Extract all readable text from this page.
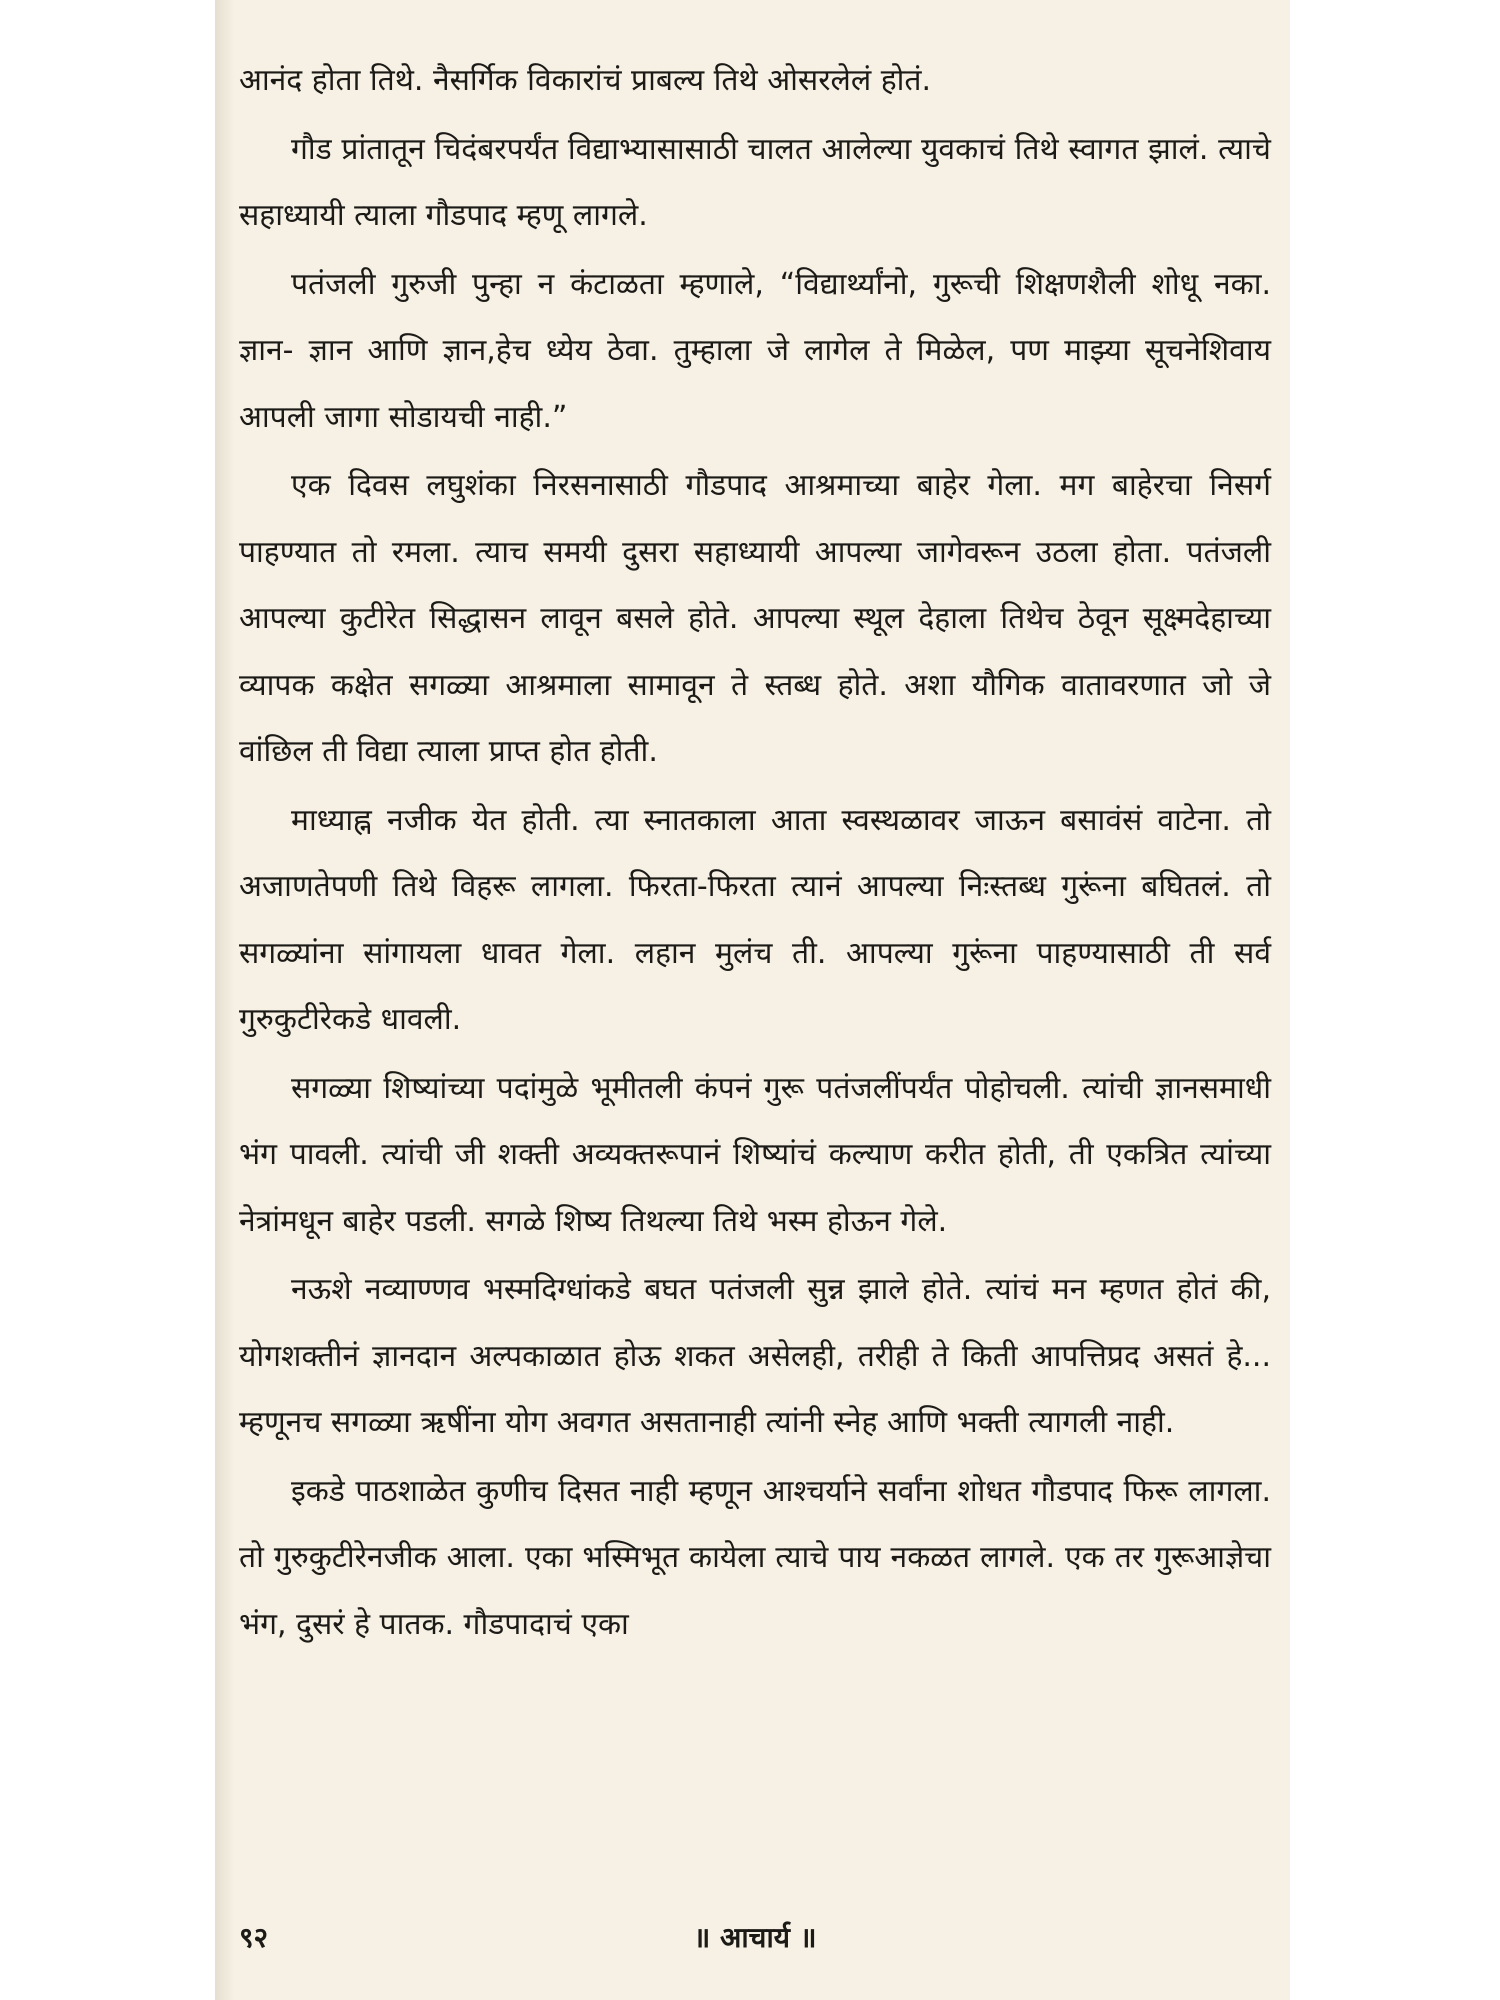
आनंद होता तिथे. नैसर्गिक विकारांचं प्राबल्य तिथे ओसरलेलं होतं.

गौड प्रांतातून चिदंबरपर्यंत विद्याभ्यासासाठी चालत आलेल्या युवकाचं तिथे स्वागत झालं. त्याचे सहाध्यायी त्याला गौडपाद म्हणू लागले.

पतंजली गुरुजी पुन्हा न कंटाळता म्हणाले, “विद्यार्थ्यांनो, गुरूची शिक्षणशैली शोधू नका. ज्ञान- ज्ञान आणि ज्ञान,हेच ध्येय ठेवा. तुम्हाला जे लागेल ते मिळेल, पण माझ्या सूचनेशिवाय आपली जागा सोडायची नाही.”

एक दिवस लघुशंका निरसनासाठी गौडपाद आश्रमाच्या बाहेर गेला. मग बाहेरचा निसर्ग पाहण्यात तो रमला. त्याच समयी दुसरा सहाध्यायी आपल्या जागेवरून उठला होता. पतंजली आपल्या कुटीरेत सिद्धासन लावून बसले होते. आपल्या स्थूल देहाला तिथेच ठेवून सूक्ष्मदेहाच्या व्यापक कक्षेत सगळ्या आश्रमाला सामावून ते स्तब्ध होते. अशा यौगिक वातावरणात जो जे वांछिल ती विद्या त्याला प्राप्त होत होती.

माध्याह्न नजीक येत होती. त्या स्नातकाला आता स्वस्थळावर जाऊन बसावंसं वाटेना. तो अजाणतेपणी तिथे विहरू लागला. फिरता-फिरता त्यानं आपल्या निःस्तब्ध गुरूंना बघितलं. तो सगळ्यांना सांगायला धावत गेला. लहान मुलंच ती. आपल्या गुरूंना पाहण्यासाठी ती सर्व गुरुकुटीरेकडे धावली.

सगळ्या शिष्यांच्या पदांमुळे भूमीतली कंपनं गुरू पतंजलींपर्यंत पोहोचली. त्यांची ज्ञानसमाधी भंग पावली. त्यांची जी शक्ती अव्यक्तरूपानं शिष्यांचं कल्याण करीत होती, ती एकत्रित त्यांच्या नेत्रांमधून बाहेर पडली. सगळे शिष्य तिथल्या तिथे भस्म होऊन गेले.

नऊशे नव्याण्णव भस्मदिग्धांकडे बघत पतंजली सुन्न झाले होते. त्यांचं मन म्हणत होतं की, योगशक्तीनं ज्ञानदान अल्पकाळात होऊ शकत असेलही, तरीही ते किती आपत्तिप्रद असतं हे... म्हणूनच सगळ्या ऋषींना योग अवगत असतानाही त्यांनी स्नेह आणि भक्ती त्यागली नाही.

इकडे पाठशाळेत कुणीच दिसत नाही म्हणून आश्चर्याने सर्वांना शोधत गौडपाद फिरू लागला. तो गुरुकुटीरेनजीक आला. एका भस्मिभूत कायेला त्याचे पाय नकळत लागले. एक तर गुरूआज्ञेचा भंग, दुसरं हे पातक. गौडपादाचं एका

९२	॥ आचार्य ॥
